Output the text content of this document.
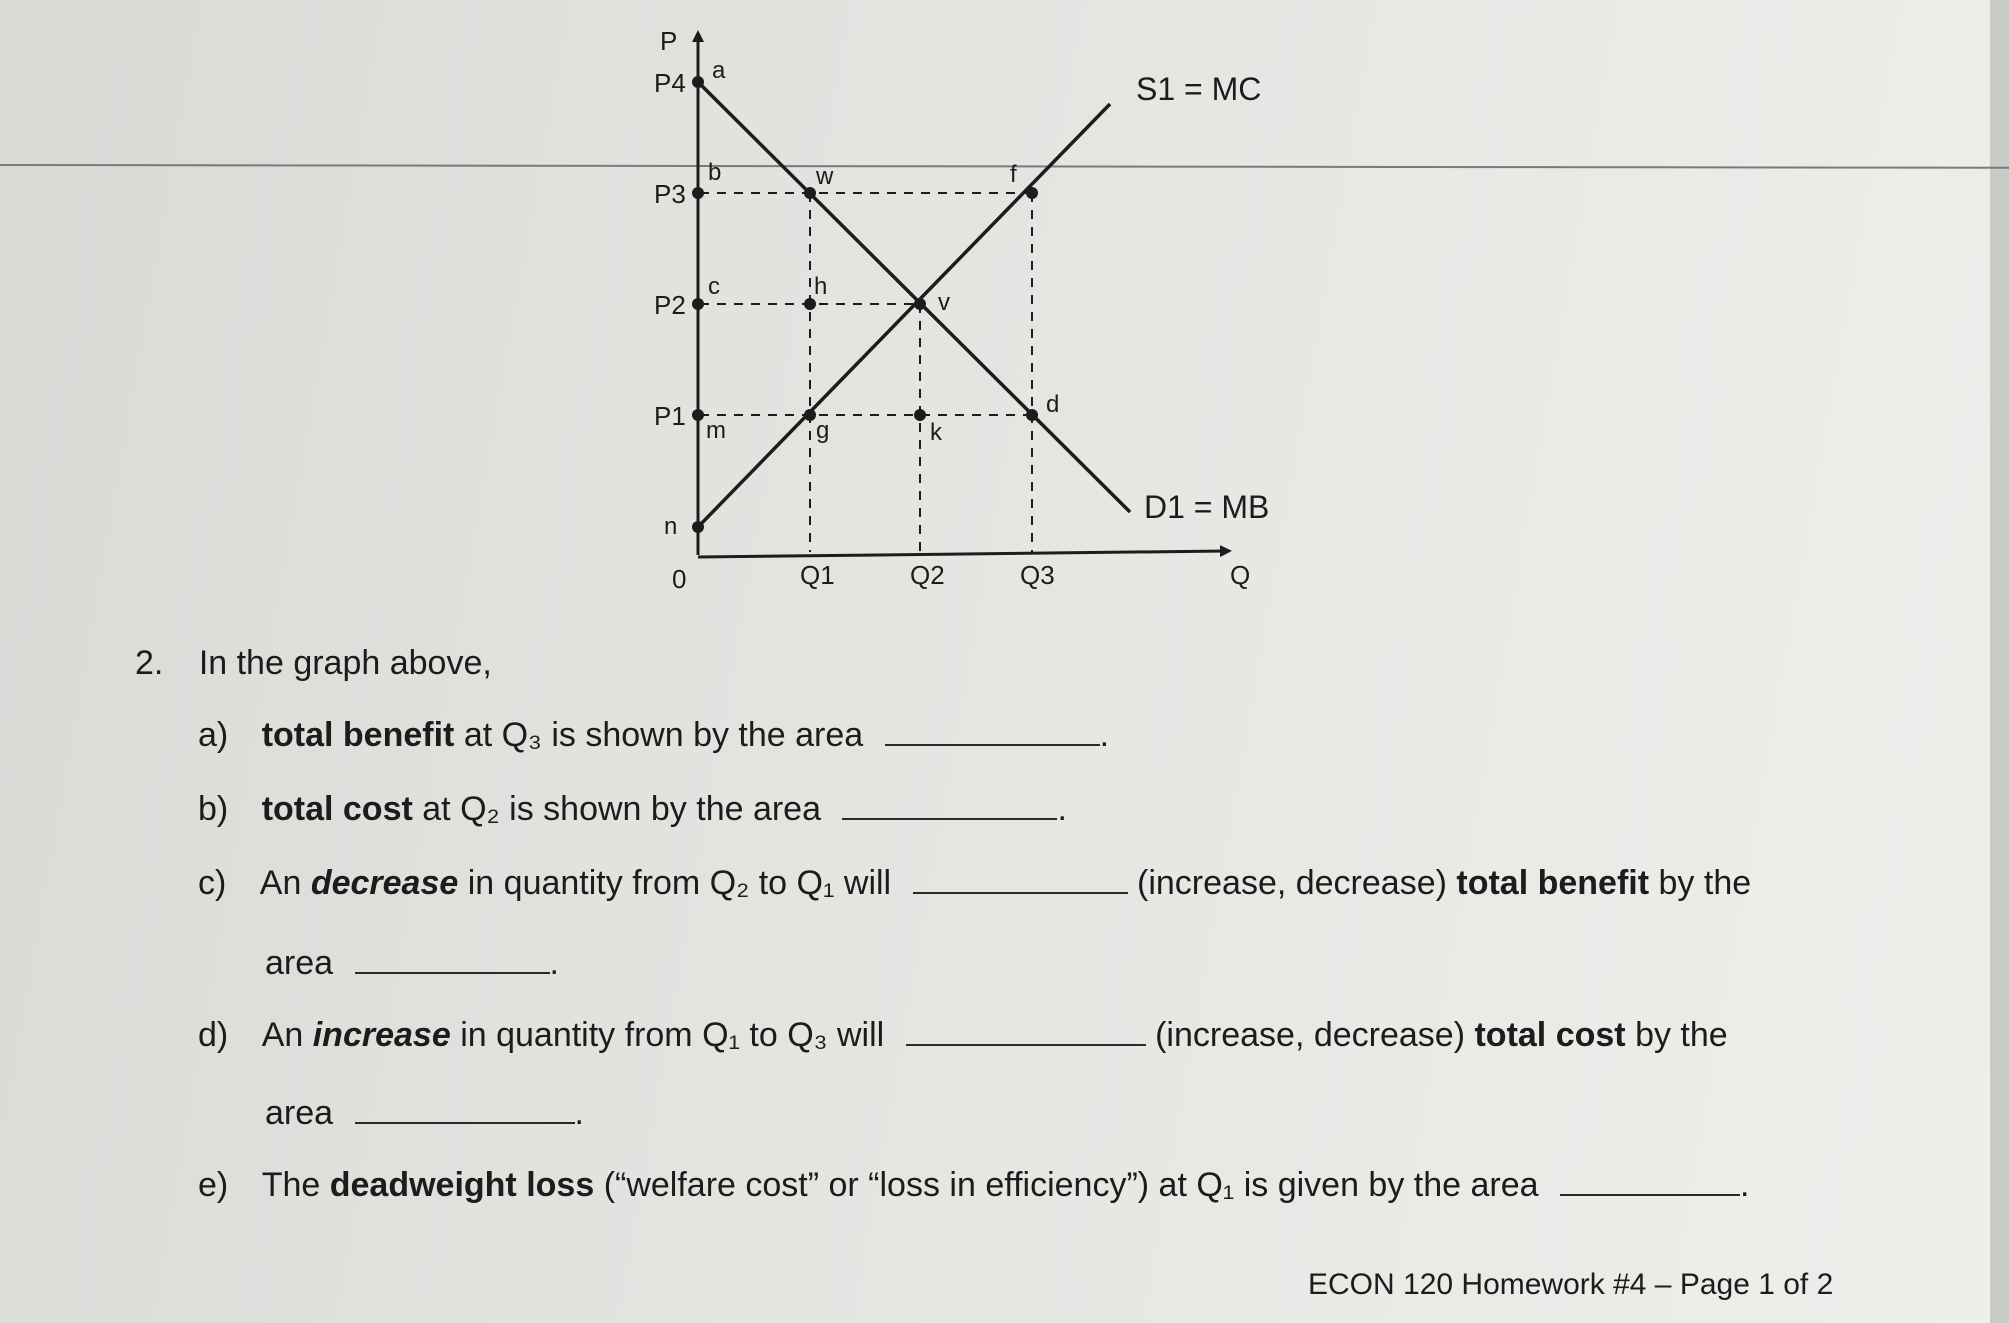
P
Q
0
P4
P3
P2
P1
Q1	Q2	Q3
a
b
c
m
n
w
h
g
v
k
f
d
S1 = MC
D1 = MB
2. In the graph above,
a) total benefit at Q₃ is shown by the area	.
b) total cost at Q₂ is shown by the area	.
c) An decrease in quantity from Q₂ to Q₁ will	(increase, decrease) total benefit by the
area	.
d) An increase in quantity from Q₁ to Q₃ will	(increase, decrease) total cost by the
area	.
e) The deadweight loss (“welfare cost” or “loss in efficiency”) at Q₁ is given by the area	.
ECON 120 Homework #4 – Page 1 of 2
